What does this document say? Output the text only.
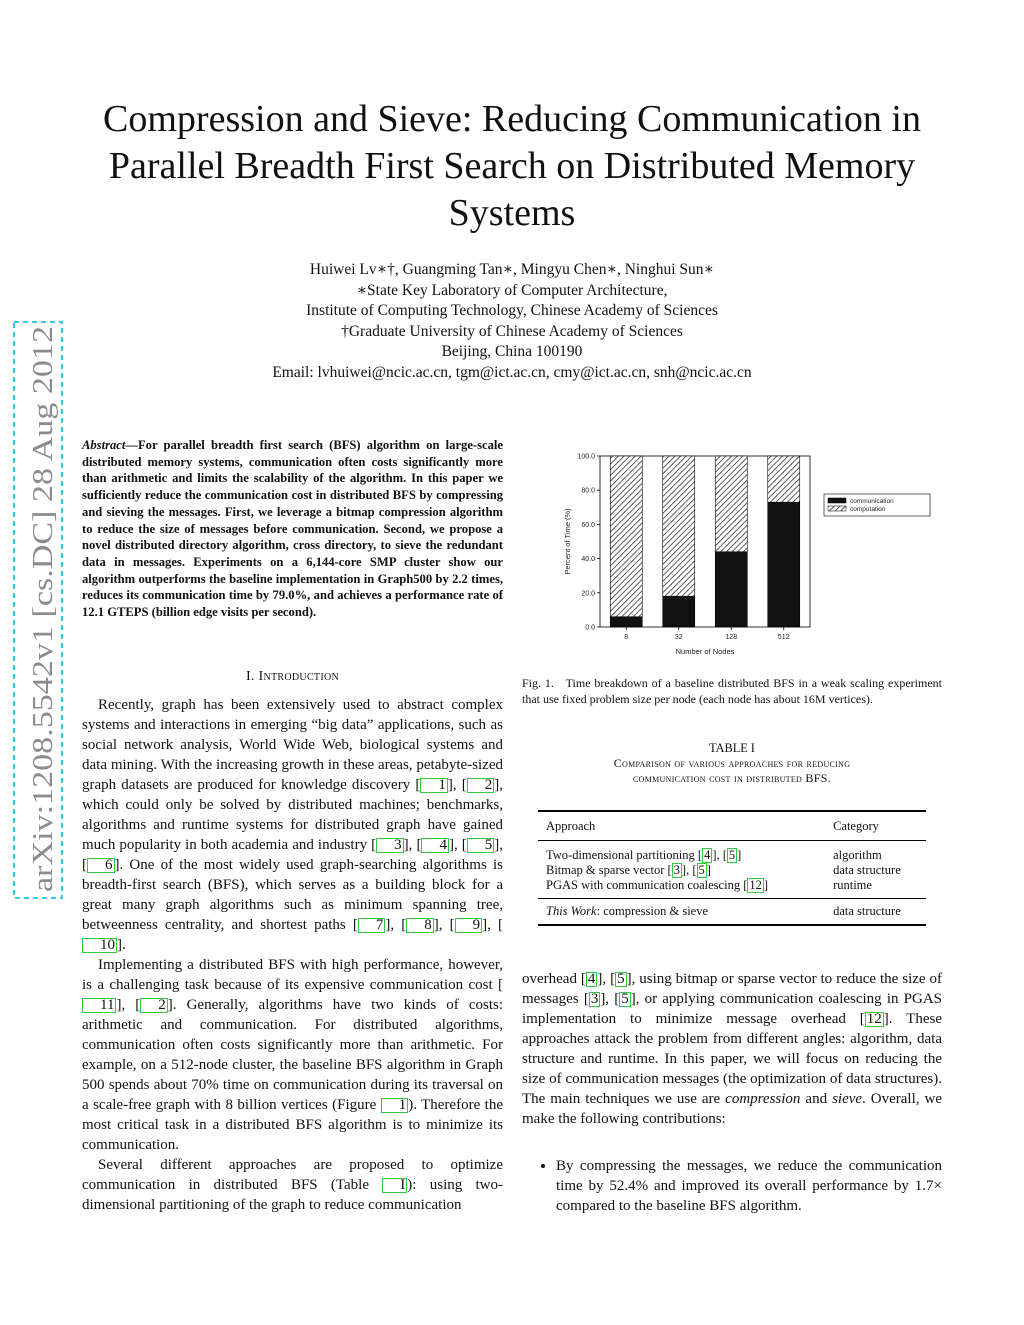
Compression and Sieve: Reducing Communication in Parallel Breadth First Search on Distributed Memory Systems
Huiwei Lv∗†, Guangming Tan∗, Mingyu Chen∗, Ninghui Sun∗
∗State Key Laboratory of Computer Architecture,
Institute of Computing Technology, Chinese Academy of Sciences
†Graduate University of Chinese Academy of Sciences
Beijing, China 100190
Email: lvhuiwei@ncic.ac.cn, tgm@ict.ac.cn, cmy@ict.ac.cn, snh@ncic.ac.cn
arXiv:1208.5542v1 [cs.DC] 28 Aug 2012 Abstract—For parallel breadth first search (BFS) algorithm on large-scale distributed memory systems, communication often costs significantly more than arithmetic and limits the scalability of the algorithm. In this paper we sufficiently reduce the communication cost in distributed BFS by compressing and sieving the messages. First, we leverage a bitmap compression algorithm to reduce the size of messages before communication. Second, we propose a novel distributed directory algorithm, cross directory, to sieve the redundant data in messages. Experiments on a 6,144-core SMP cluster show our algorithm outperforms the baseline implementation in Graph500 by 2.2 times, reduces its communication time by 79.0%, and achieves a performance rate of 12.1 GTEPS (billion edge visits per second).
I. Introduction

Recently, graph has been extensively used to abstract complex systems and interactions in emerging “big data” applications, such as social network analysis, World Wide Web, biological systems and data mining. With the increasing growth in these areas, petabyte-sized graph datasets are produced for knowledge discovery [ 1 ], [ 2 ], which could only be solved by distributed machines; benchmarks, algorithms and runtime systems for distributed graph have gained much popularity in both academia and industry [ 3 ], [ 4 ], [ 5 ], [ 6 ]. One of the most widely used graph-searching algorithms is breadth-first search (BFS), which serves as a building block for a great many graph algorithms such as minimum spanning tree, betweenness centrality, and shortest paths [ 7 ], [ 8 ], [ 9 ], [10 ].

Implementing a distributed BFS with high performance, however, is a challenging task because of its expensive communication cost [11 ], [ 2 ]. Generally, algorithms have two kinds of costs: arithmetic and communication. For distributed algorithms, communication often costs significantly more than arithmetic. For example, on a 512-node cluster, the baseline BFS algorithm in Graph 500 spends about 70% time on communication during its traversal on a scale-free graph with 8 billion vertices (Figure 1 ). Therefore the most critical task in a distributed BFS algorithm is to minimize its communication.

Several different approaches are proposed to optimize communication in distributed BFS (Table I ): using two-dimensional partitioning of the graph to reduce communication

0.0
20.0
40.0
60.0
80.0
100.0
Percent of Time (%)
Number of Nodes
8	32	128	512
communication
computation
Fig. 1. Time breakdown of a baseline distributed BFS in a weak scaling experiment that use fixed problem size per node (each node has about 16M vertices).
TABLE I
Comparison of various approaches for reducing
communication cost in distributed BFS.
Approach	Category
Two-dimensional partitioning [ 4 ], [ 5 ]	algorithm
Bitmap & sparse vector [ 3 ], [ 5 ]	data structure
PGAS with communication coalescing [ 12 ]	runtime
This Work: compression & sieve	data structure

overhead [ 4 ], [ 5 ], using bitmap or sparse vector to reduce the size of messages [ 3 ], [ 5 ], or applying communication coalescing in PGAS implementation to minimize message overhead [ 12 ]. These approaches attack the problem from different angles: algorithm, data structure and runtime. In this paper, we will focus on reducing the size of communication messages (the optimization of data structures). The main techniques we use are compression and sieve. Overall, we make the following contributions:

• By compressing the messages, we reduce the communication time by 52.4% and improved its overall performance by 1.7× compared to the baseline BFS algorithm.
